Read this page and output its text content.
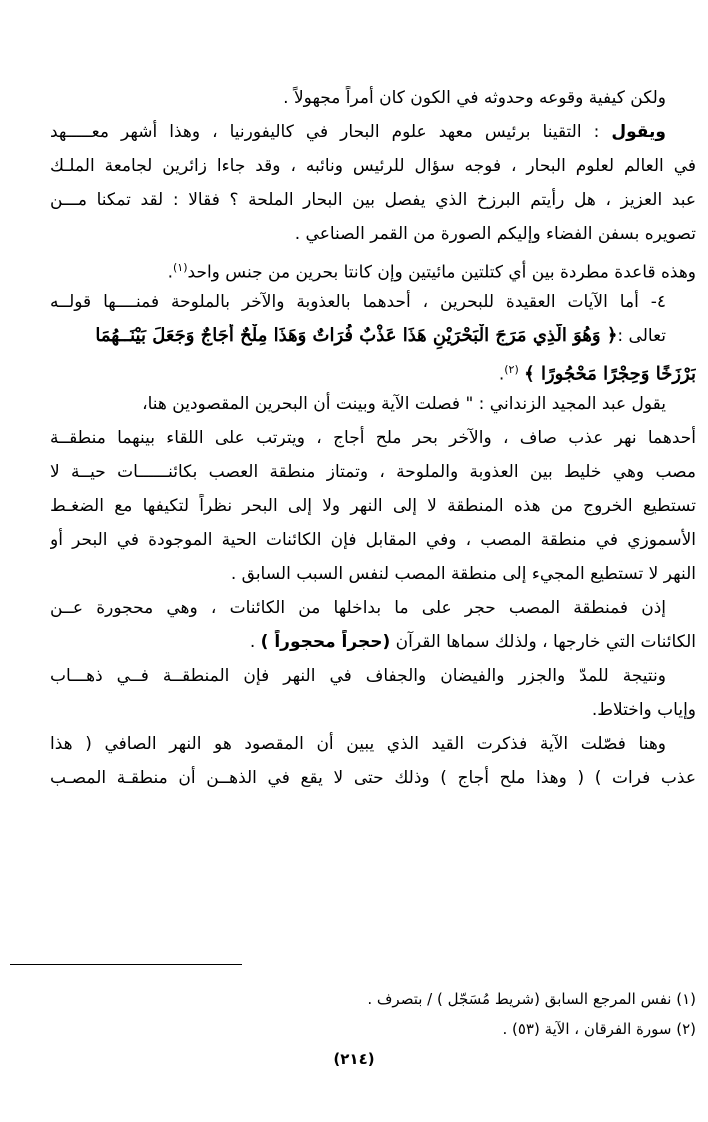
ولكن كيفية وقوعه وحدوثه في الكون كان أمراً مجهولاً .
ويقول : التقينا برئيس معهد علوم البحار في كاليفورنيا ، وهذا أشهر معـــــهد
في العالم لعلوم البحار ، فوجه سؤال للرئيس ونائبه ، وقد جاءا زائرين لجامعة الملـك
عبد العزيز ، هل رأيتم البرزخ الذي يفصل بين البحار الملحة ؟ فقالا : لقد تمكنا مـــن
تصويره بسفن الفضاء وإليكم الصورة من القمر الصناعي .
وهذه قاعدة مطردة بين أي كتلتين مائيتين وإن كانتا بحرين من جنس واحد$^{(١)}$.
٤- أما الآيات العقيدة للبحرين ، أحدهما بالعذوبة والآخر بالملوحة فمنــــها قولــه
تعالى :﴿ وَهُوَ الَّذِي مَرَجَ الْبَحْرَيْنِ هَذَا عَذْبٌ فُرَاتٌ وَهَذَا مِلْحٌ أُجَاجٌ وَجَعَلَ بَيْنَــهُمَا
بَرْزَخًا وَحِجْرًا مَحْجُورًا ﴾ $^{(٢)}$.
يقول عبد المجيد الزنداني : " فصلت الآية وبينت أن البحرين المقصودين هنا،
أحدهما نهر عذب صاف ، والآخر بحر ملح أجاج ، ويترتب على اللقاء بينهما منطقــة
مصب وهي خليط بين العذوبة والملوحة ، وتمتاز منطقة العصب بكائنــــــات حيــة لا
تستطيع الخروج من هذه المنطقة لا إلى النهر ولا إلى البحر نظراً لتكيفها مع الضغـط
الأسموزي في منطقة المصب ، وفي المقابل فإن الكائنات الحية الموجودة في البحر أو
النهر لا تستطيع المجيء إلى منطقة المصب لنفس السبب السابق .
إذن فمنطقة المصب حجر على ما بداخلها من الكائنات ، وهي محجورة عــن
الكائنات التي خارجها ، ولذلك سماها القرآن (حجراً محجوراً ) .
ونتيجة للمدّ والجزر والفيضان والجفاف في النهر فإن المنطقــة فــي ذهـــاب
وإياب واختلاط.
وهنا فصّلت الآية فذكرت القيد الذي يبين أن المقصود هو النهر الصافي ( هذا
عذب فرات ) ( وهذا ملح أجاج ) وذلك حتى لا يقع في الذهــن أن منطقـة المصـب
(١) نفس المرجع السابق (شريط مُسَجّل ) / بتصرف .
(٢) سورة الفرقان ، الآية (٥٣) .
(٢١٤)
